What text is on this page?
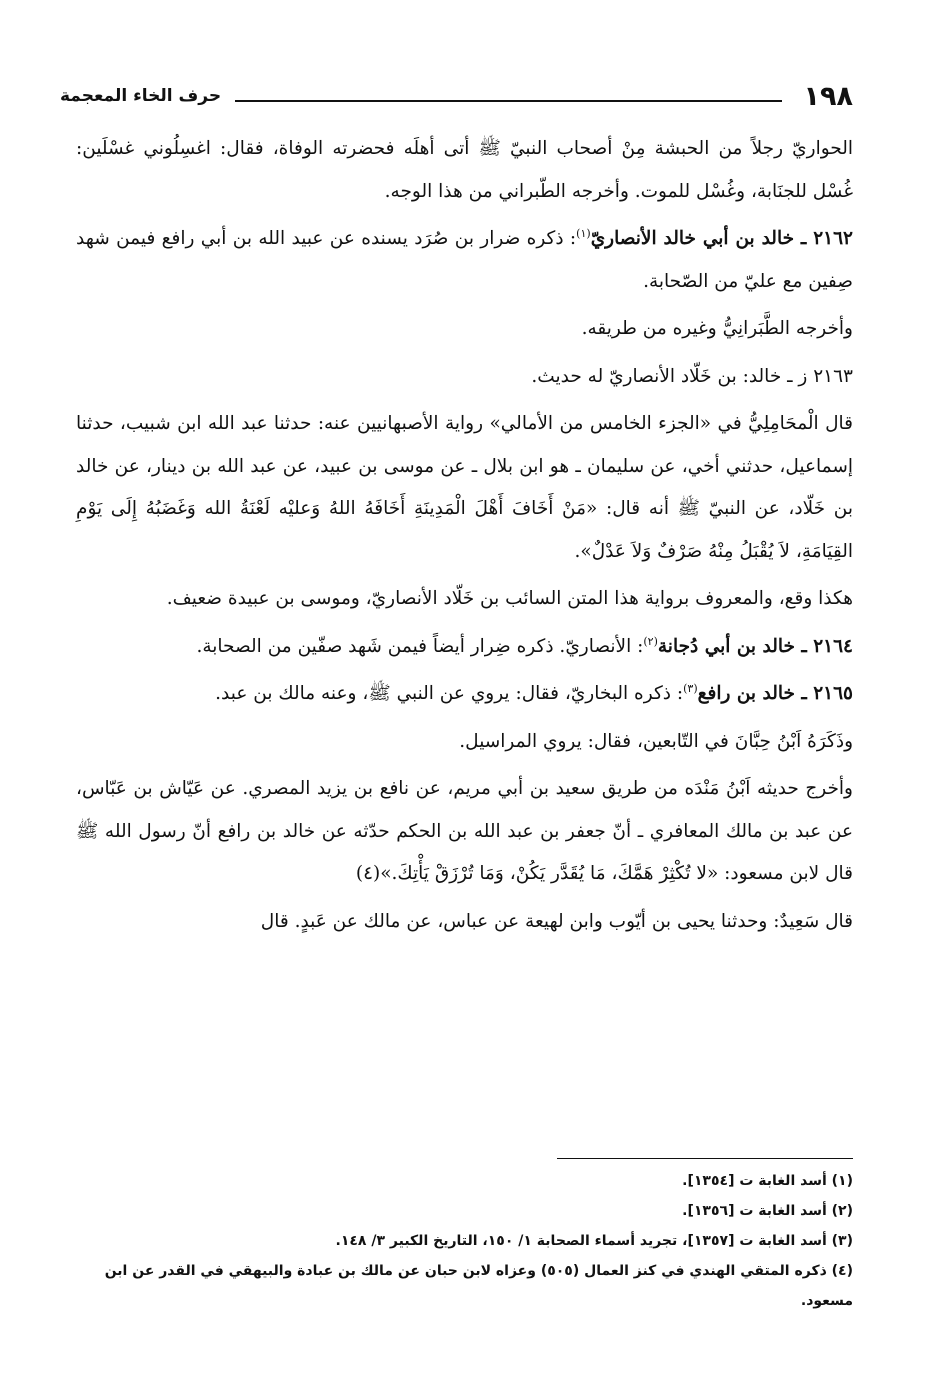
١٩٨
حرف الخاء المعجمة

الحواريّ رجلاً من الحبشة مِنْ أصحاب النبيّ ﷺ أتى أهلَه فحضرته الوفاة، فقال: اغسِلُوني غسْلَين: غُسْل للجنَابة، وغُسْل للموت. وأخرجه الطّبراني من هذا الوجه.

٢١٦٢ ـ خالد بن أبي خالد الأنصاريّ$^{(١)}$: ذكره ضرار بن صُرَد يسنده عن عبيد الله بن أبي رافع فيمن شهد صِفين مع عليّ من الصّحابة.

وأخرجه الطَّبَرانِيُّ وغيره من طريقه.

٢١٦٣ ز ـ خالد: بن خَلّاد الأنصاريّ له حديث.

قال الْمحَامِلِيُّ في «الجزء الخامس من الأمالي» رواية الأصبهانيين عنه: حدثنا عبد الله ابن شبيب، حدثنا إسماعيل، حدثني أخي، عن سليمان ـ هو ابن بلال ـ عن موسى بن عبيد، عن عبد الله بن دينار، عن خالد بن خَلّاد، عن النبيّ ﷺ أنه قال: «مَنْ أَخَافَ أَهْلَ الْمَدِينَةِ أَخَافَهُ اللهُ وَعليْه لَعْنَةُ الله وَغَضَبُهُ إِلَى يَوْمِ القِيَامَةِ، لاَ يُقْبَلُ مِنْهُ صَرْفٌ وَلاَ عَدْلٌ».

هكذا وقع، والمعروف برواية هذا المتن السائب بن خَلّاد الأنصاريّ، وموسى بن عبيدة ضعيف.

٢١٦٤ ـ خالد بن أبي دُجانة$^{(٢)}$: الأنصاريّ. ذكره ضِرار أيضاً فيمن شَهد صفّين من الصحابة.

٢١٦٥ ـ خالد بن رافع$^{(٣)}$: ذكره البخاريّ، فقال: يروي عن النبي ﷺ، وعنه مالك بن عبد.

وذَكَرَهُ اَبْنُ حِبَّانَ في التّابعين، فقال: يروي المراسيل.

وأخرج حديثه اَبْنُ مَنْدَه من طريق سعيد بن أبي مريم، عن نافع بن يزيد المصري. عن عَيّاش بن عَبّاس، عن عبد بن مالك المعافري ـ أنّ جعفر بن عبد الله بن الحكم حدّثه عن خالد بن رافع أنّ رسول الله ﷺ قال لابن مسعود: «لا تُكْثِرْ هَمَّكَ، مَا يُقَدَّر يَكُنْ، وَمَا تُرْزَقْ يَأْتِكَ.»(٤)

قال سَعِيدٌ: وحدثنا يحيى بن أيّوب وابن لهيعة عن عباس، عن مالك عن عَبدٍ. قال

(١) أسد الغابة ت [١٣٥٤].

(٢) أسد الغابة ت [١٣٥٦].

(٣) أسد الغابة ت [١٣٥٧]، تجريد أسماء الصحابة ١/ ١٥٠، التاريخ الكبير ٣/ ١٤٨.

(٤) ذكره المتقي الهندي في كنز العمال (٥٠٥) وعزاه لابن حبان عن مالك بن عبادة والبيهقي في القدر عن ابن مسعود.
